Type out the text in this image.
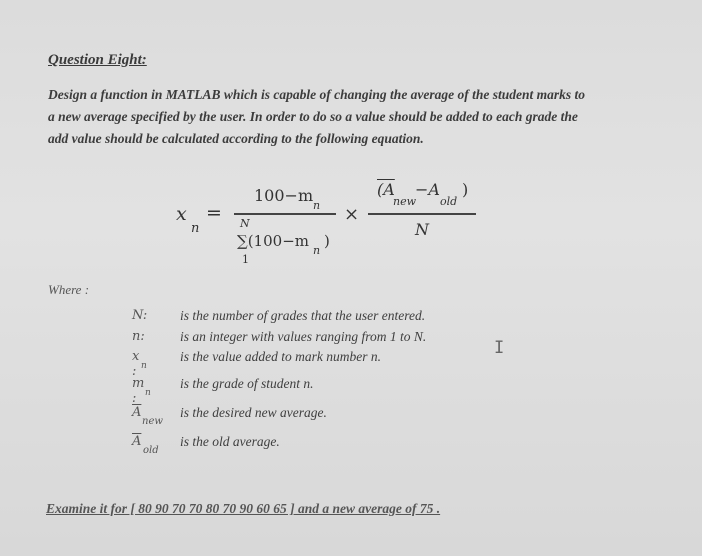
Question Eight:
Design a function in MATLAB which is capable of changing the average of the student marks to
a new average specified by the user. In order to do so a value should be added to each grade the
add value should be calculated according to the following equation.
x
n
=
100−m
n
N
∑(100−m
n
)
1
×
(A
new
−A
old
)
N
Where :
N: is the number of grades that the user entered.
n:	is an integer with values ranging from 1 to N.
x : n
is the value added to mark number n.
m : n
is the grade of student n.
$\overline{A}$
new
is the desired new average.
$\overline{A}$
old
is the old average.
I
Examine it for [ 80 90 70 70 80 70 90 60 65 ] and a new average of 75 .
